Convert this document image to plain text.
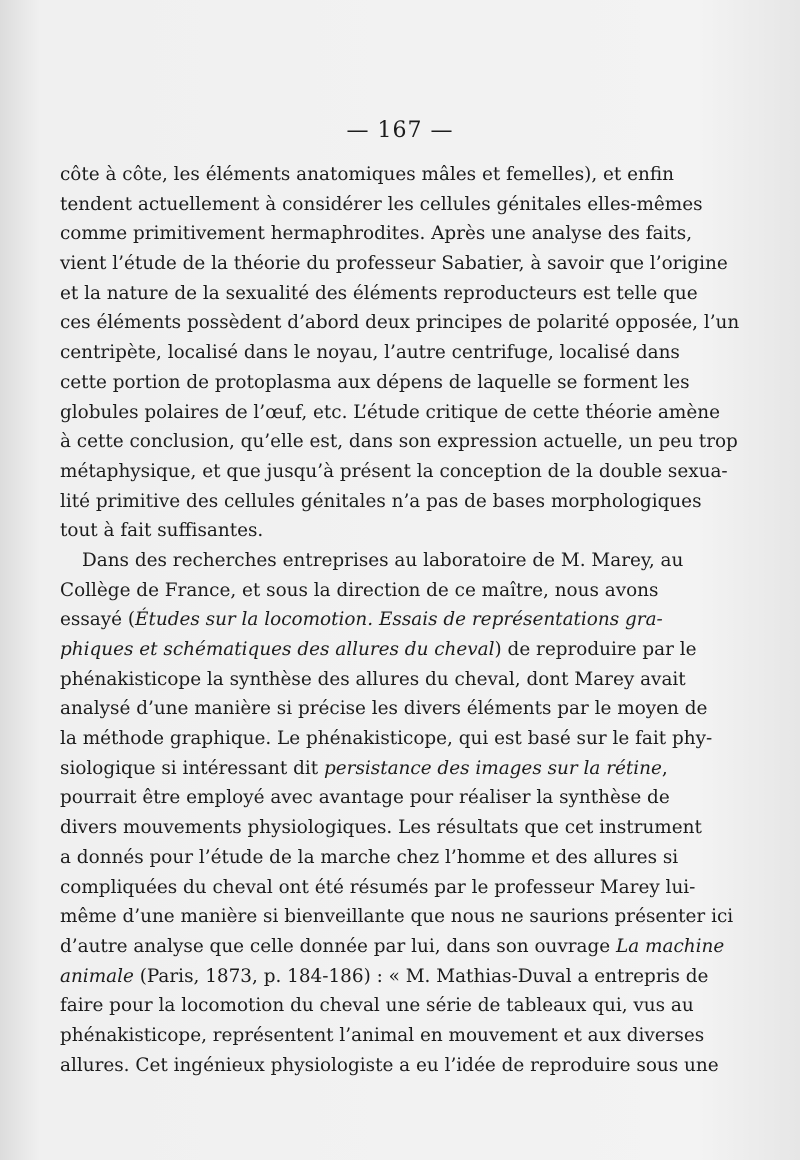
— 167 —
côte à côte, les éléments anatomiques mâles et femelles), et enfin
tendent actuellement à considérer les cellules génitales elles-mêmes
comme primitivement hermaphrodites. Après une analyse des faits,
vient l’étude de la théorie du professeur Sabatier, à savoir que l’origine
et la nature de la sexualité des éléments reproducteurs est telle que
ces éléments possèdent d’abord deux principes de polarité opposée, l’un
centripète, localisé dans le noyau, l’autre centrifuge, localisé dans
cette portion de protoplasma aux dépens de laquelle se forment les
globules polaires de l’œuf, etc. L’étude critique de cette théorie amène
à cette conclusion, qu’elle est, dans son expression actuelle, un peu trop
métaphysique, et que jusqu’à présent la conception de la double sexua-
lité primitive des cellules génitales n’a pas de bases morphologiques
tout à fait suffisantes.
Dans des recherches entreprises au laboratoire de M. Marey, au
Collège de France, et sous la direction de ce maître, nous avons
essayé (Études sur la locomotion. Essais de représentations gra-
phiques et schématiques des allures du cheval) de reproduire par le
phénakisticope la synthèse des allures du cheval, dont Marey avait
analysé d’une manière si précise les divers éléments par le moyen de
la méthode graphique. Le phénakisticope, qui est basé sur le fait phy-
siologique si intéressant dit persistance des images sur la rétine,
pourrait être employé avec avantage pour réaliser la synthèse de
divers mouvements physiologiques. Les résultats que cet instrument
a donnés pour l’étude de la marche chez l’homme et des allures si
compliquées du cheval ont été résumés par le professeur Marey lui-
même d’une manière si bienveillante que nous ne saurions présenter ici
d’autre analyse que celle donnée par lui, dans son ouvrage La machine
animale (Paris, 1873, p. 184-186) : « M. Mathias-Duval a entrepris de
faire pour la locomotion du cheval une série de tableaux qui, vus au
phénakisticope, représentent l’animal en mouvement et aux diverses
allures. Cet ingénieux physiologiste a eu l’idée de reproduire sous une
